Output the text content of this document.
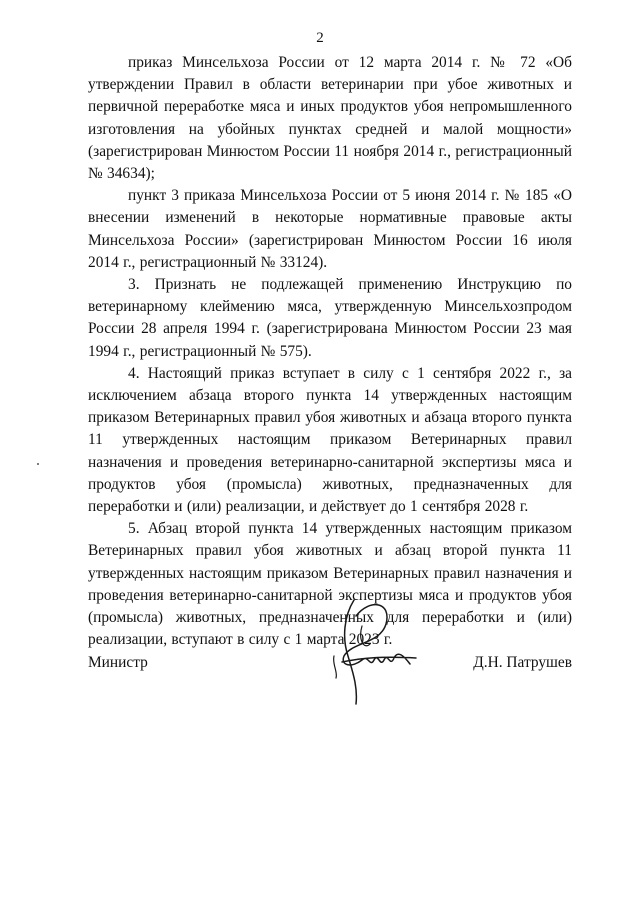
2

приказ Минсельхоза России от 12 марта 2014 г. № 72 «Об утверждении Правил в области ветеринарии при убое животных и первичной переработке мяса и иных продуктов убоя непромышленного изготовления на убойных пунктах средней и малой мощности» (зарегистрирован Минюстом России 11 ноября 2014 г., регистрационный № 34634);

пункт 3 приказа Минсельхоза России от 5 июня 2014 г. № 185 «О внесении изменений в некоторые нормативные правовые акты Минсельхоза России» (зарегистрирован Минюстом России 16 июля 2014 г., регистрационный № 33124).

3. Признать не подлежащей применению Инструкцию по ветеринарному клеймению мяса, утвержденную Минсельхозпродом России 28 апреля 1994 г. (зарегистрирована Минюстом России 23 мая 1994 г., регистрационный № 575).

4. Настоящий приказ вступает в силу с 1 сентября 2022 г., за исключением абзаца второго пункта 14 утвержденных настоящим приказом Ветеринарных правил убоя животных и абзаца второго пункта 11 утвержденных настоящим приказом Ветеринарных правил назначения и проведения ветеринарно-санитарной экспертизы мяса и продуктов убоя (промысла) животных, предназначенных для переработки и (или) реализации, и действует до 1 сентября 2028 г.

5. Абзац второй пункта 14 утвержденных настоящим приказом Ветеринарных правил убоя животных и абзац второй пункта 11 утвержденных настоящим приказом Ветеринарных правил назначения и проведения ветеринарно-санитарной экспертизы мяса и продуктов убоя (промысла) животных, предназначенных для переработки и (или) реализации, вступают в силу с 1 марта 2023 г.

Министр	Д.Н. Патрушев
